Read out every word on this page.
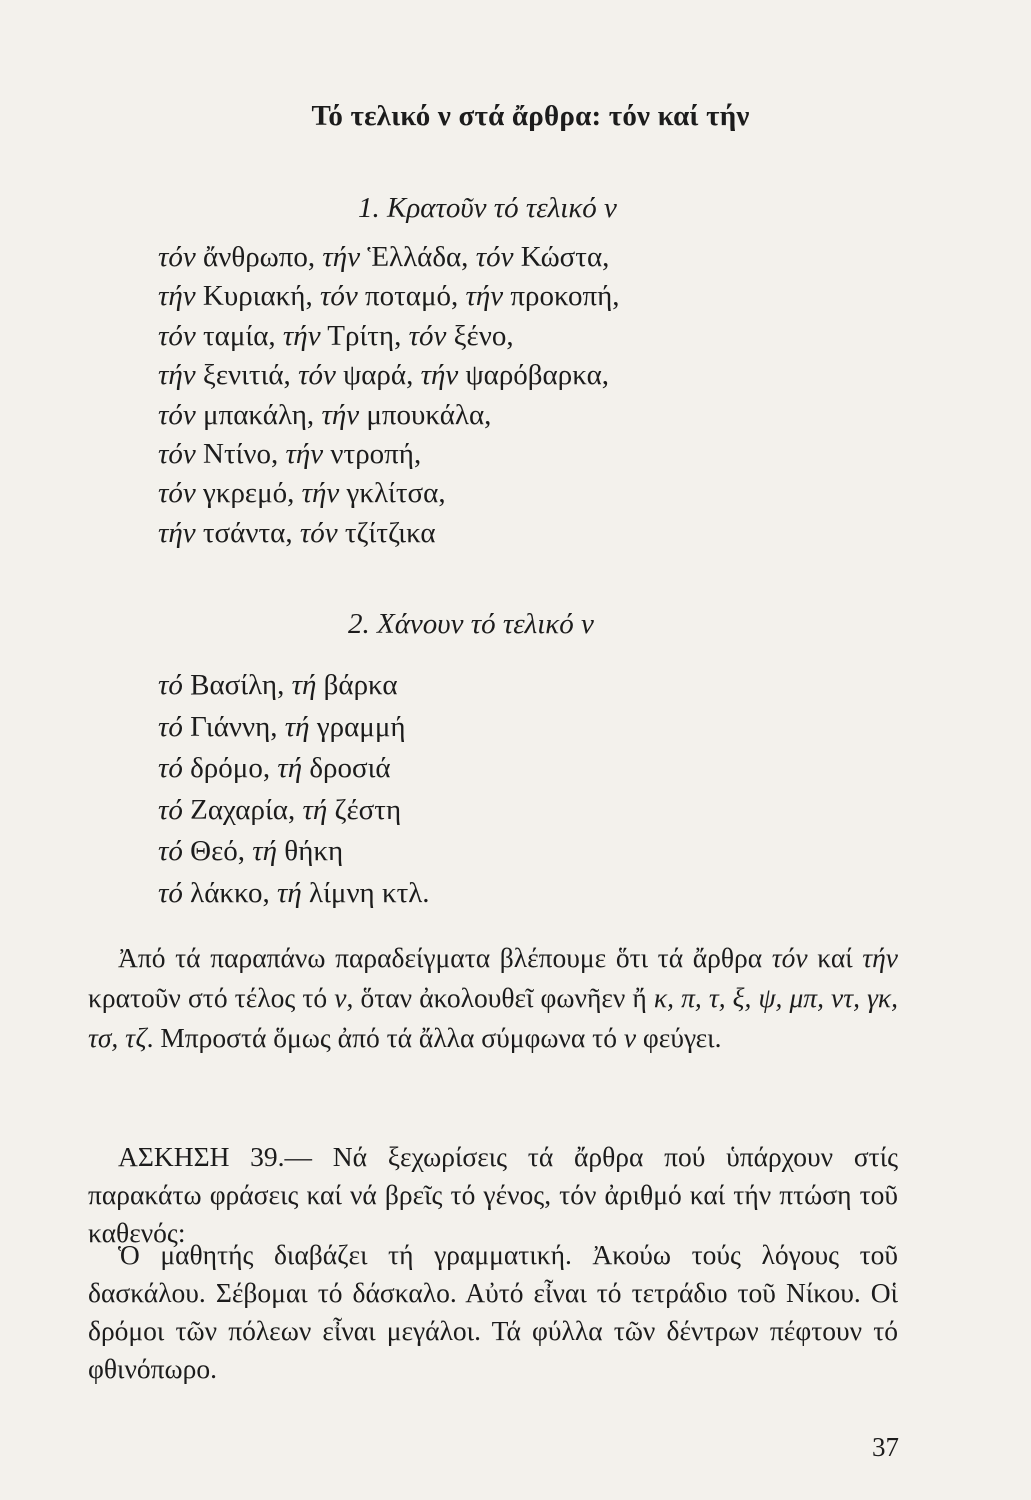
Τό τελικό ν στά ἄρθρα: τόν καί τήν
1. Κρατοῦν τό τελικό ν
τόν ἄνθρωπο, τήν Ἑλλάδα, τόν Κώστα,
τήν Κυριακή, τόν ποταμό, τήν προκοπή,
τόν ταμία, τήν Τρίτη, τόν ξένο,
τήν ξενιτιά, τόν ψαρά, τήν ψαρόβαρκα,
τόν μπακάλη, τήν μπουκάλα,
τόν Ντίνο, τήν ντροπή,
τόν γκρεμό, τήν γκλίτσα,
τήν τσάντα, τόν τζίτζικα
2. Χάνουν τό τελικό ν
τό Βασίλη, τή βάρκα
τό Γιάννη, τή γραμμή
τό δρόμο, τή δροσιά
τό Ζαχαρία, τή ζέστη
τό Θεό, τή θήκη
τό λάκκο, τή λίμνη κτλ.
Ἀπό τά παραπάνω παραδείγματα βλέπουμε ὅτι τά ἄρθρα τόν καί τήν κρατοῦν στό τέλος τό ν, ὅταν ἀκολουθεῖ φωνῆεν ἤ κ, π, τ, ξ, ψ, μπ, ντ, γκ, τσ, τζ. Μπροστά ὅμως ἀπό τά ἄλλα σύμφωνα τό ν φεύγει.
ΑΣΚΗΣΗ 39.— Νά ξεχωρίσεις τά ἄρθρα πού ὑπάρχουν στίς παρακάτω φράσεις καί νά βρεῖς τό γένος, τόν ἀριθμό καί τήν πτώση τοῦ καθενός:
Ὁ μαθητής διαβάζει τή γραμματική. Ἀκούω τούς λόγους τοῦ δασκάλου. Σέβομαι τό δάσκαλο. Αὐτό εἶναι τό τετράδιο τοῦ Νίκου. Οἱ δρόμοι τῶν πόλεων εἶναι μεγάλοι. Τά φύλλα τῶν δέντρων πέφτουν τό φθινόπωρο.
37
